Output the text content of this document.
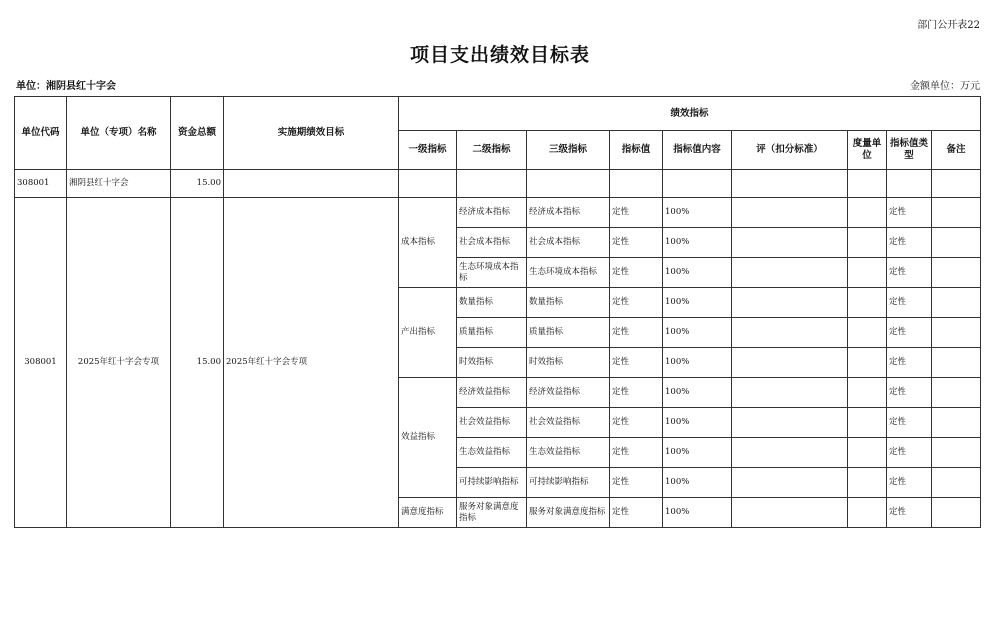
部门公开表22
项目支出绩效目标表
单位：湘阴县红十字会	金额单位：万元
单位代码	单位（专项）名称	资金总额	实施期绩效目标	绩效指标								
				一级指标	二级指标	三级指标	指标值	指标值内容	评（扣分标准）	度量单位	指标值类型	备注
308001	湘阴县红十字会	15.00										
308001	2025年红十字会专项	15.00	2025年红十字会专项	成本指标	经济成本指标	经济成本指标	定性	100%			定性	
					社会成本指标	社会成本指标	定性	100%			定性	
					生态环境成本指标	生态环境成本指标	定性	100%			定性	
				产出指标	数量指标	数量指标	定性	100%			定性	
					质量指标	质量指标	定性	100%			定性	
					时效指标	时效指标	定性	100%			定性	
				效益指标	经济效益指标	经济效益指标	定性	100%			定性	
					社会效益指标	社会效益指标	定性	100%			定性	
					生态效益指标	生态效益指标	定性	100%			定性	
					可持续影响指标	可持续影响指标	定性	100%			定性	
				满意度指标	服务对象满意度指标	服务对象满意度指标	定性	100%			定性	
